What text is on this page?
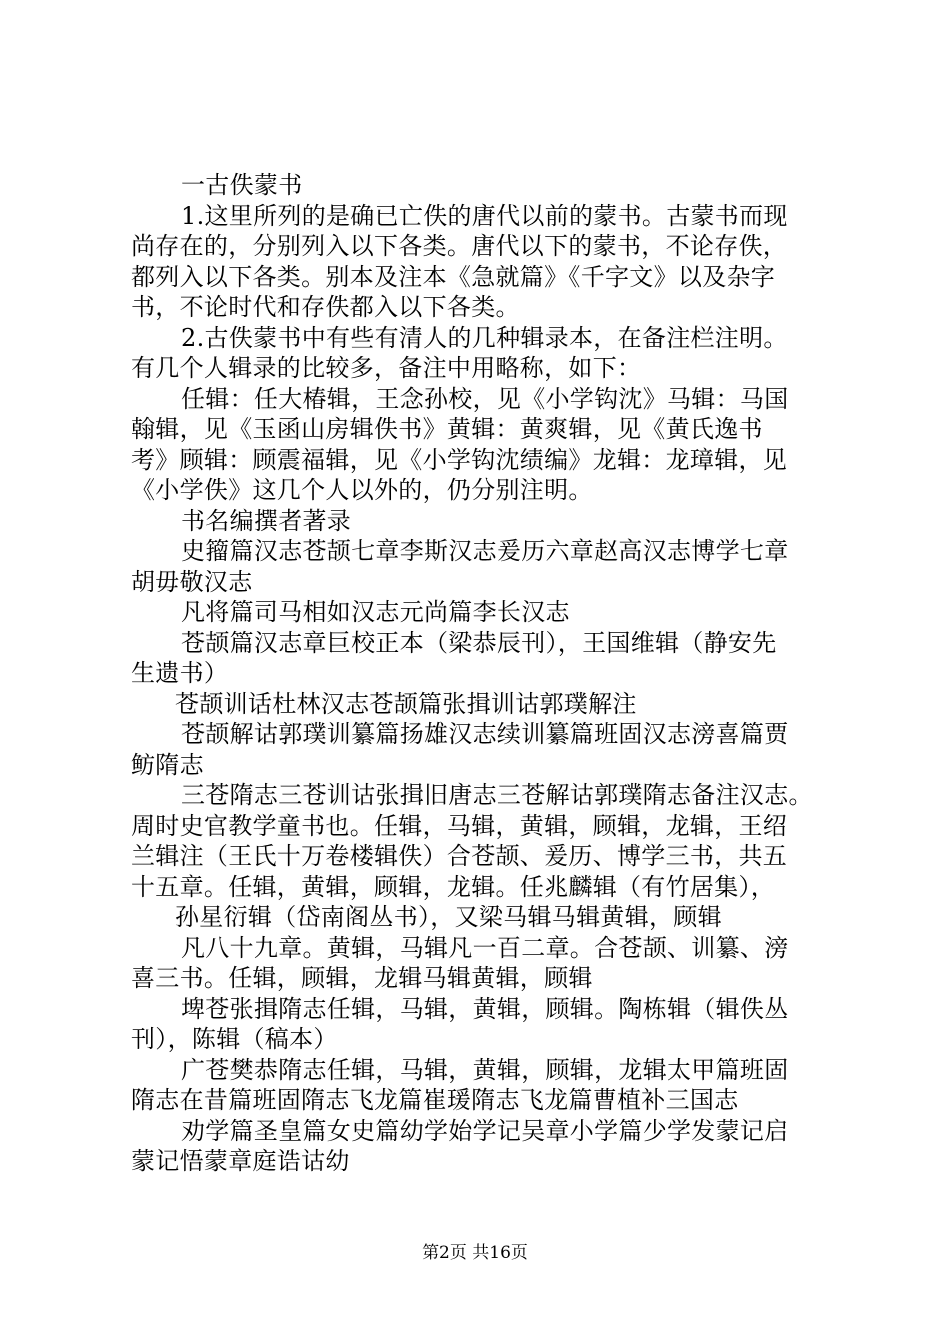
一古佚蒙书
1.这里所列的是确已亡佚的唐代以前的蒙书。古蒙书而现
尚存在的，分别列入以下各类。唐代以下的蒙书，不论存佚，
都列入以下各类。别本及注本《急就篇》《千字文》以及杂字
书，不论时代和存佚都入以下各类。
2.古佚蒙书中有些有清人的几种辑录本，在备注栏注明。
有几个人辑录的比较多，备注中用略称，如下：
任辑：任大椿辑，王念孙校，见《小学钩沈》马辑：马国
翰辑，见《玉函山房辑佚书》黄辑：黄爽辑，见《黄氏逸书
考》顾辑：顾震福辑，见《小学钩沈绩编》龙辑：龙璋辑，见
《小学佚》这几个人以外的，仍分别注明。
书名编撰者著录
史籀篇汉志苍颉七章李斯汉志爰历六章赵高汉志博学七章
胡毋敬汉志
凡将篇司马相如汉志元尚篇李长汉志
苍颉篇汉志章巨校正本（梁恭辰刊），王国维辑（静安先
生遗书）
苍颉训话杜林汉志苍颉篇张揖训诂郭璞解注
苍颉解诂郭璞训纂篇扬雄汉志续训纂篇班固汉志滂喜篇贾
鲂隋志
三苍隋志三苍训诂张揖旧唐志三苍解诂郭璞隋志备注汉志。
周时史官教学童书也。任辑，马辑，黄辑，顾辑，龙辑，王绍
兰辑注（王氏十万卷楼辑佚）合苍颉、爰历、博学三书，共五
十五章。任辑，黄辑，顾辑，龙辑。任兆麟辑（有竹居集），
孙星衍辑（岱南阁丛书），又梁马辑马辑黄辑，顾辑
凡八十九章。黄辑，马辑凡一百二章。合苍颉、训纂、滂
喜三书。任辑，顾辑，龙辑马辑黄辑，顾辑
埤苍张揖隋志任辑，马辑，黄辑，顾辑。陶栋辑（辑佚丛
刊），陈辑（稿本）
广苍樊恭隋志任辑，马辑，黄辑，顾辑，龙辑太甲篇班固
隋志在昔篇班固隋志飞龙篇崔瑗隋志飞龙篇曹植补三国志
劝学篇圣皇篇女史篇幼学始学记吴章小学篇少学发蒙记启
蒙记悟蒙章庭诰诂幼
第2页 共16页
